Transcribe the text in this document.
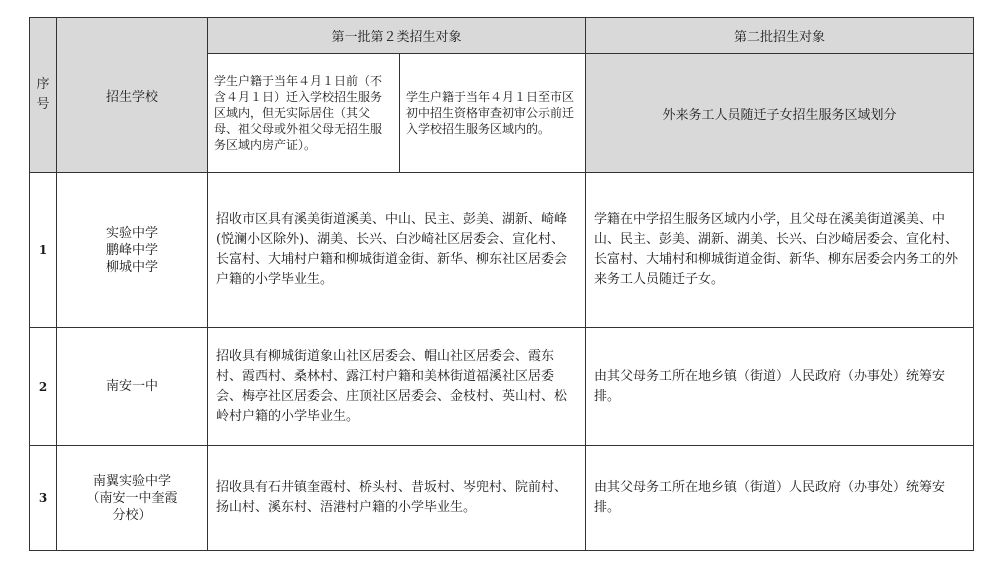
序
号	招生学校	第一批第２类招生对象		第二批招生对象
		学生户籍于当年４月１日前（不含４月１日）迁入学校招生服务区域内，但无实际居住（其父母、祖父母或外祖父母无招生服务区域内房产证）。	学生户籍于当年４月１日至市区初中招生资格审查初审公示前迁入学校招生服务区域内的。	外来务工人员随迁子女招生服务区域划分
1	实验中学
鹏峰中学
柳城中学	招收市区具有溪美街道溪美、中山、民主、彭美、湖新、崎峰(悦澜小区除外)、湖美、长兴、白沙崎社区居委会、宣化村、长富村、大埔村户籍和柳城街道金街、新华、柳东社区居委会户籍的小学毕业生。		学籍在中学招生服务区域内小学，且父母在溪美街道溪美、中山、民主、彭美、湖新、湖美、长兴、白沙崎居委会、宣化村、长富村、大埔村和柳城街道金街、新华、柳东居委会内务工的外来务工人员随迁子女。
2	南安一中	招收具有柳城街道象山社区居委会、帽山社区居委会、霞东村、霞西村、桑林村、露江村户籍和美林街道福溪社区居委会、梅亭社区居委会、庄顶社区居委会、金枝村、英山村、松岭村户籍的小学毕业生。		由其父母务工所在地乡镇（街道）人民政府（办事处）统筹安排。
3	南翼实验中学
（南安一中奎霞
分校）	招收具有石井镇奎霞村、桥头村、昔坂村、岑兜村、院前村、扬山村、溪东村、浯港村户籍的小学毕业生。		由其父母务工所在地乡镇（街道）人民政府（办事处）统筹安排。
